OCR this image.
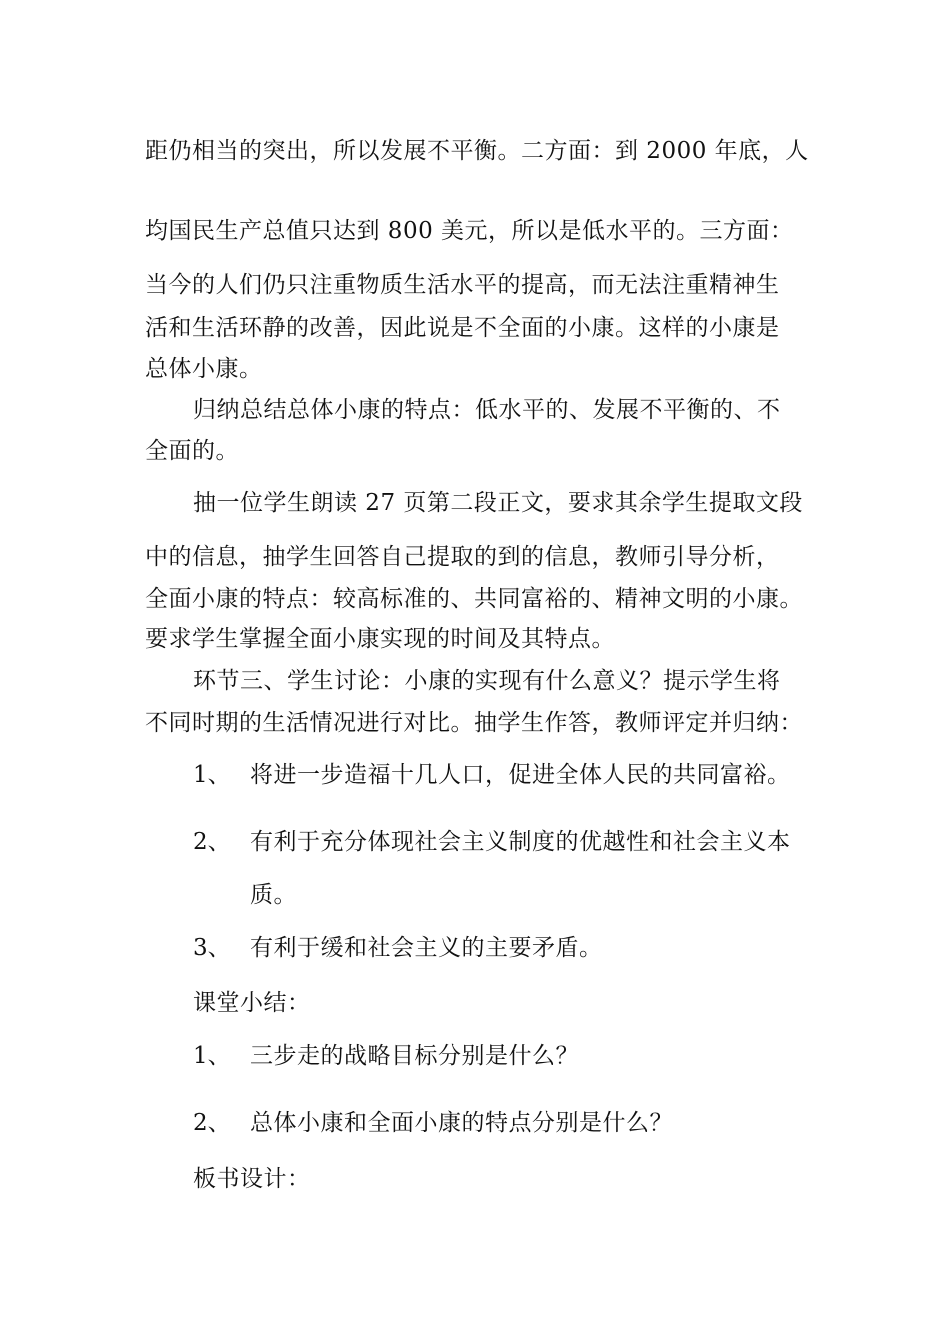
距仍相当的突出，所以发展不平衡。二方面：到 2000 年底，人
均国民生产总值只达到 800 美元，所以是低水平的。三方面：
当今的人们仍只注重物质生活水平的提高，而无法注重精神生
活和生活环静的改善，因此说是不全面的小康。这样的小康是
总体小康。
归纳总结总体小康的特点：低水平的、发展不平衡的、不
全面的。
抽一位学生朗读 27 页第二段正文，要求其余学生提取文段
中的信息，抽学生回答自己提取的到的信息，教师引导分析，
全面小康的特点：较高标准的、共同富裕的、精神文明的小康。
要求学生掌握全面小康实现的时间及其特点。
环节三、学生讨论：小康的实现有什么意义？提示学生将
不同时期的生活情况进行对比。抽学生作答，教师评定并归纳：
1、 将进一步造福十几人口，促进全体人民的共同富裕。
2、 有利于充分体现社会主义制度的优越性和社会主义本
质。
3、 有利于缓和社会主义的主要矛盾。
课堂小结：
1、 三步走的战略目标分别是什么？
2、 总体小康和全面小康的特点分别是什么？
板书设计：
